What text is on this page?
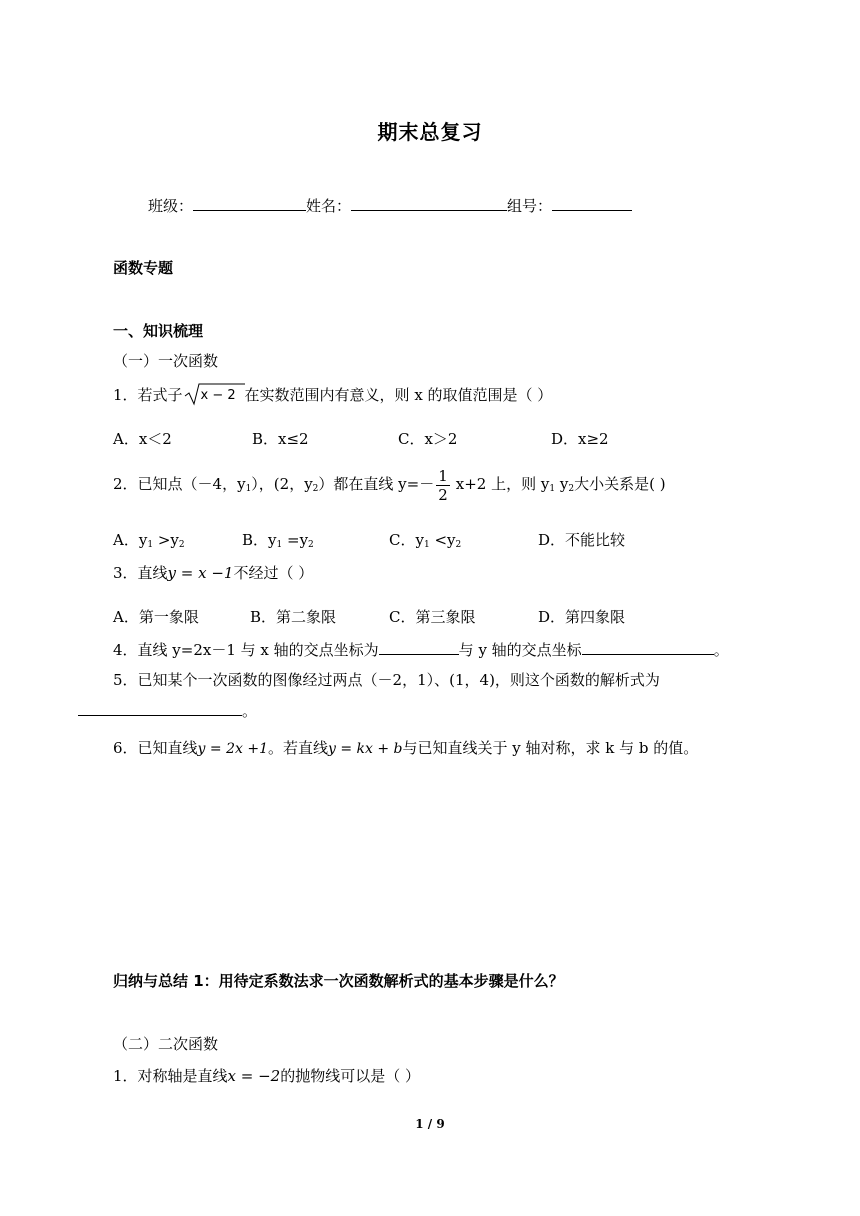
期末总复习
班级：	姓名：	组号：
函数专题
一、知识梳理
（一）一次函数
1．若式子 x − 2 在实数范围内有意义，则 x 的取值范围是（ ）
A．x＜2	B．x≤2	C．x＞2	D．x≥2
2．已知点（－4，$y_1$），(2，$y_2$）都在直线 $y=- \frac{1}{2} x+2$ 上，则 $y_1$ $y_2$大小关系是( )
A．$y_1 >y_2$	B．$y_1 =y_2$	C．$y_1 <y_2$	D．不能比较
3．直线y = x −1不经过（ ）
A．第一象限	B．第二象限	C．第三象限	D．第四象限
4．直线 y=2x－1 与 x 轴的交点坐标为	与 y 轴的交点坐标	。
5．已知某个一次函数的图像经过两点（－2，1）、(1，4)，则这个函数的解析式为
。
6．已知直线y = 2x +1。若直线y = kx + b与已知直线关于 y 轴对称，求 k 与 b 的值。
归纳与总结 1：用待定系数法求一次函数解析式的基本步骤是什么？
（二）二次函数
1．对称轴是直线x = −2的抛物线可以是（ ）
1 / 9
